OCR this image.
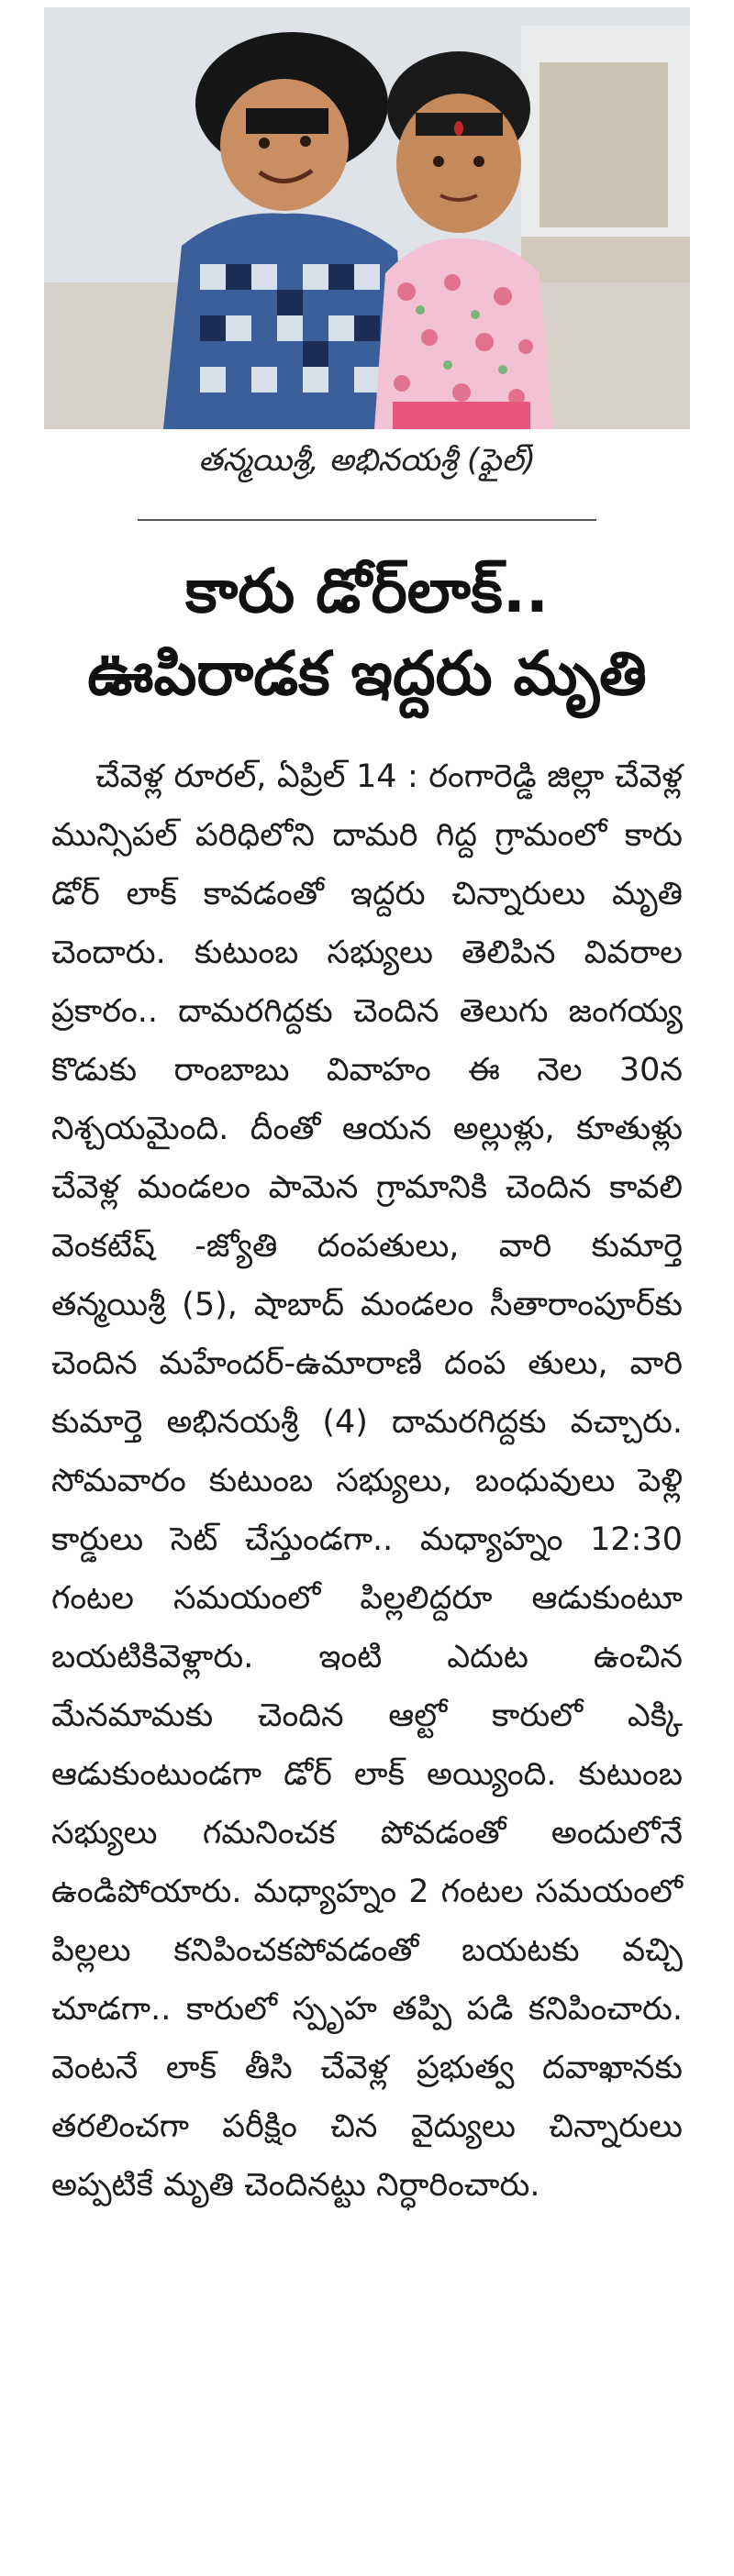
తన్మయిశ్రీ, అభినయశ్రీ (ఫైల్)
కారు డోర్‌లాక్‌..
ఊపిరాడక ఇద్దరు మృతి
చేవెళ్ల రూరల్‌, ఏప్రిల్‌ 14 : రంగారెడ్డి జిల్లా చేవెళ్ల మున్సిపల్‌ పరిధిలోని దామరి గిద్ద గ్రామంలో కారు డోర్‌ లాక్‌ కావడంతో ఇద్దరు చిన్నారులు మృతి చెందారు. కుటుంబ సభ్యులు తెలిపిన వివరాల ప్రకారం.. దామరగిద్దకు చెందిన తెలుగు జంగయ్య కొడుకు రాంబాబు వివాహం ఈ నెల 30న నిశ్చయమైంది. దీంతో ఆయన అల్లుళ్లు, కూతుళ్లు చేవెళ్ల మండలం పామెన గ్రామానికి చెందిన కావలి వెంకటేష్‌ -జ్యోతి దంపతులు, వారి కుమార్తె తన్మయిశ్రీ (5), షాబాద్‌ మండలం సీతారాంపూర్‌కు చెందిన మహేందర్‌-ఉమారాణి దంప తులు, వారి కుమార్తె అభినయశ్రీ (4) దామరగిద్దకు వచ్చారు. సోమవారం కుటుంబ సభ్యులు, బంధువులు పెళ్లి కార్డులు సెట్‌ చేస్తుండగా.. మధ్యాహ్నం 12:30 గంటల సమయంలో పిల్లలిద్దరూ ఆడుకుంటూ బయటికివెళ్లారు. ఇంటి ఎదుట ఉంచిన మేనమామకు చెందిన ఆల్టో కారులో ఎక్కి ఆడుకుంటుండగా డోర్‌ లాక్‌ అయ్యింది. కుటుంబ సభ్యులు గమనించక పోవడంతో అందులోనే ఉండిపోయారు. మధ్యాహ్నం 2 గంటల సమయంలో పిల్లలు కనిపించకపోవడంతో బయటకు వచ్చి చూడగా.. కారులో స్పృహ తప్పి పడి కనిపించారు. వెంటనే లాక్‌ తీసి చేవెళ్ల ప్రభుత్వ దవాఖానకు తరలించగా పరీక్షిం చిన వైద్యులు చిన్నారులు అప్పటికే మృతి చెందినట్టు నిర్ధారించారు.
